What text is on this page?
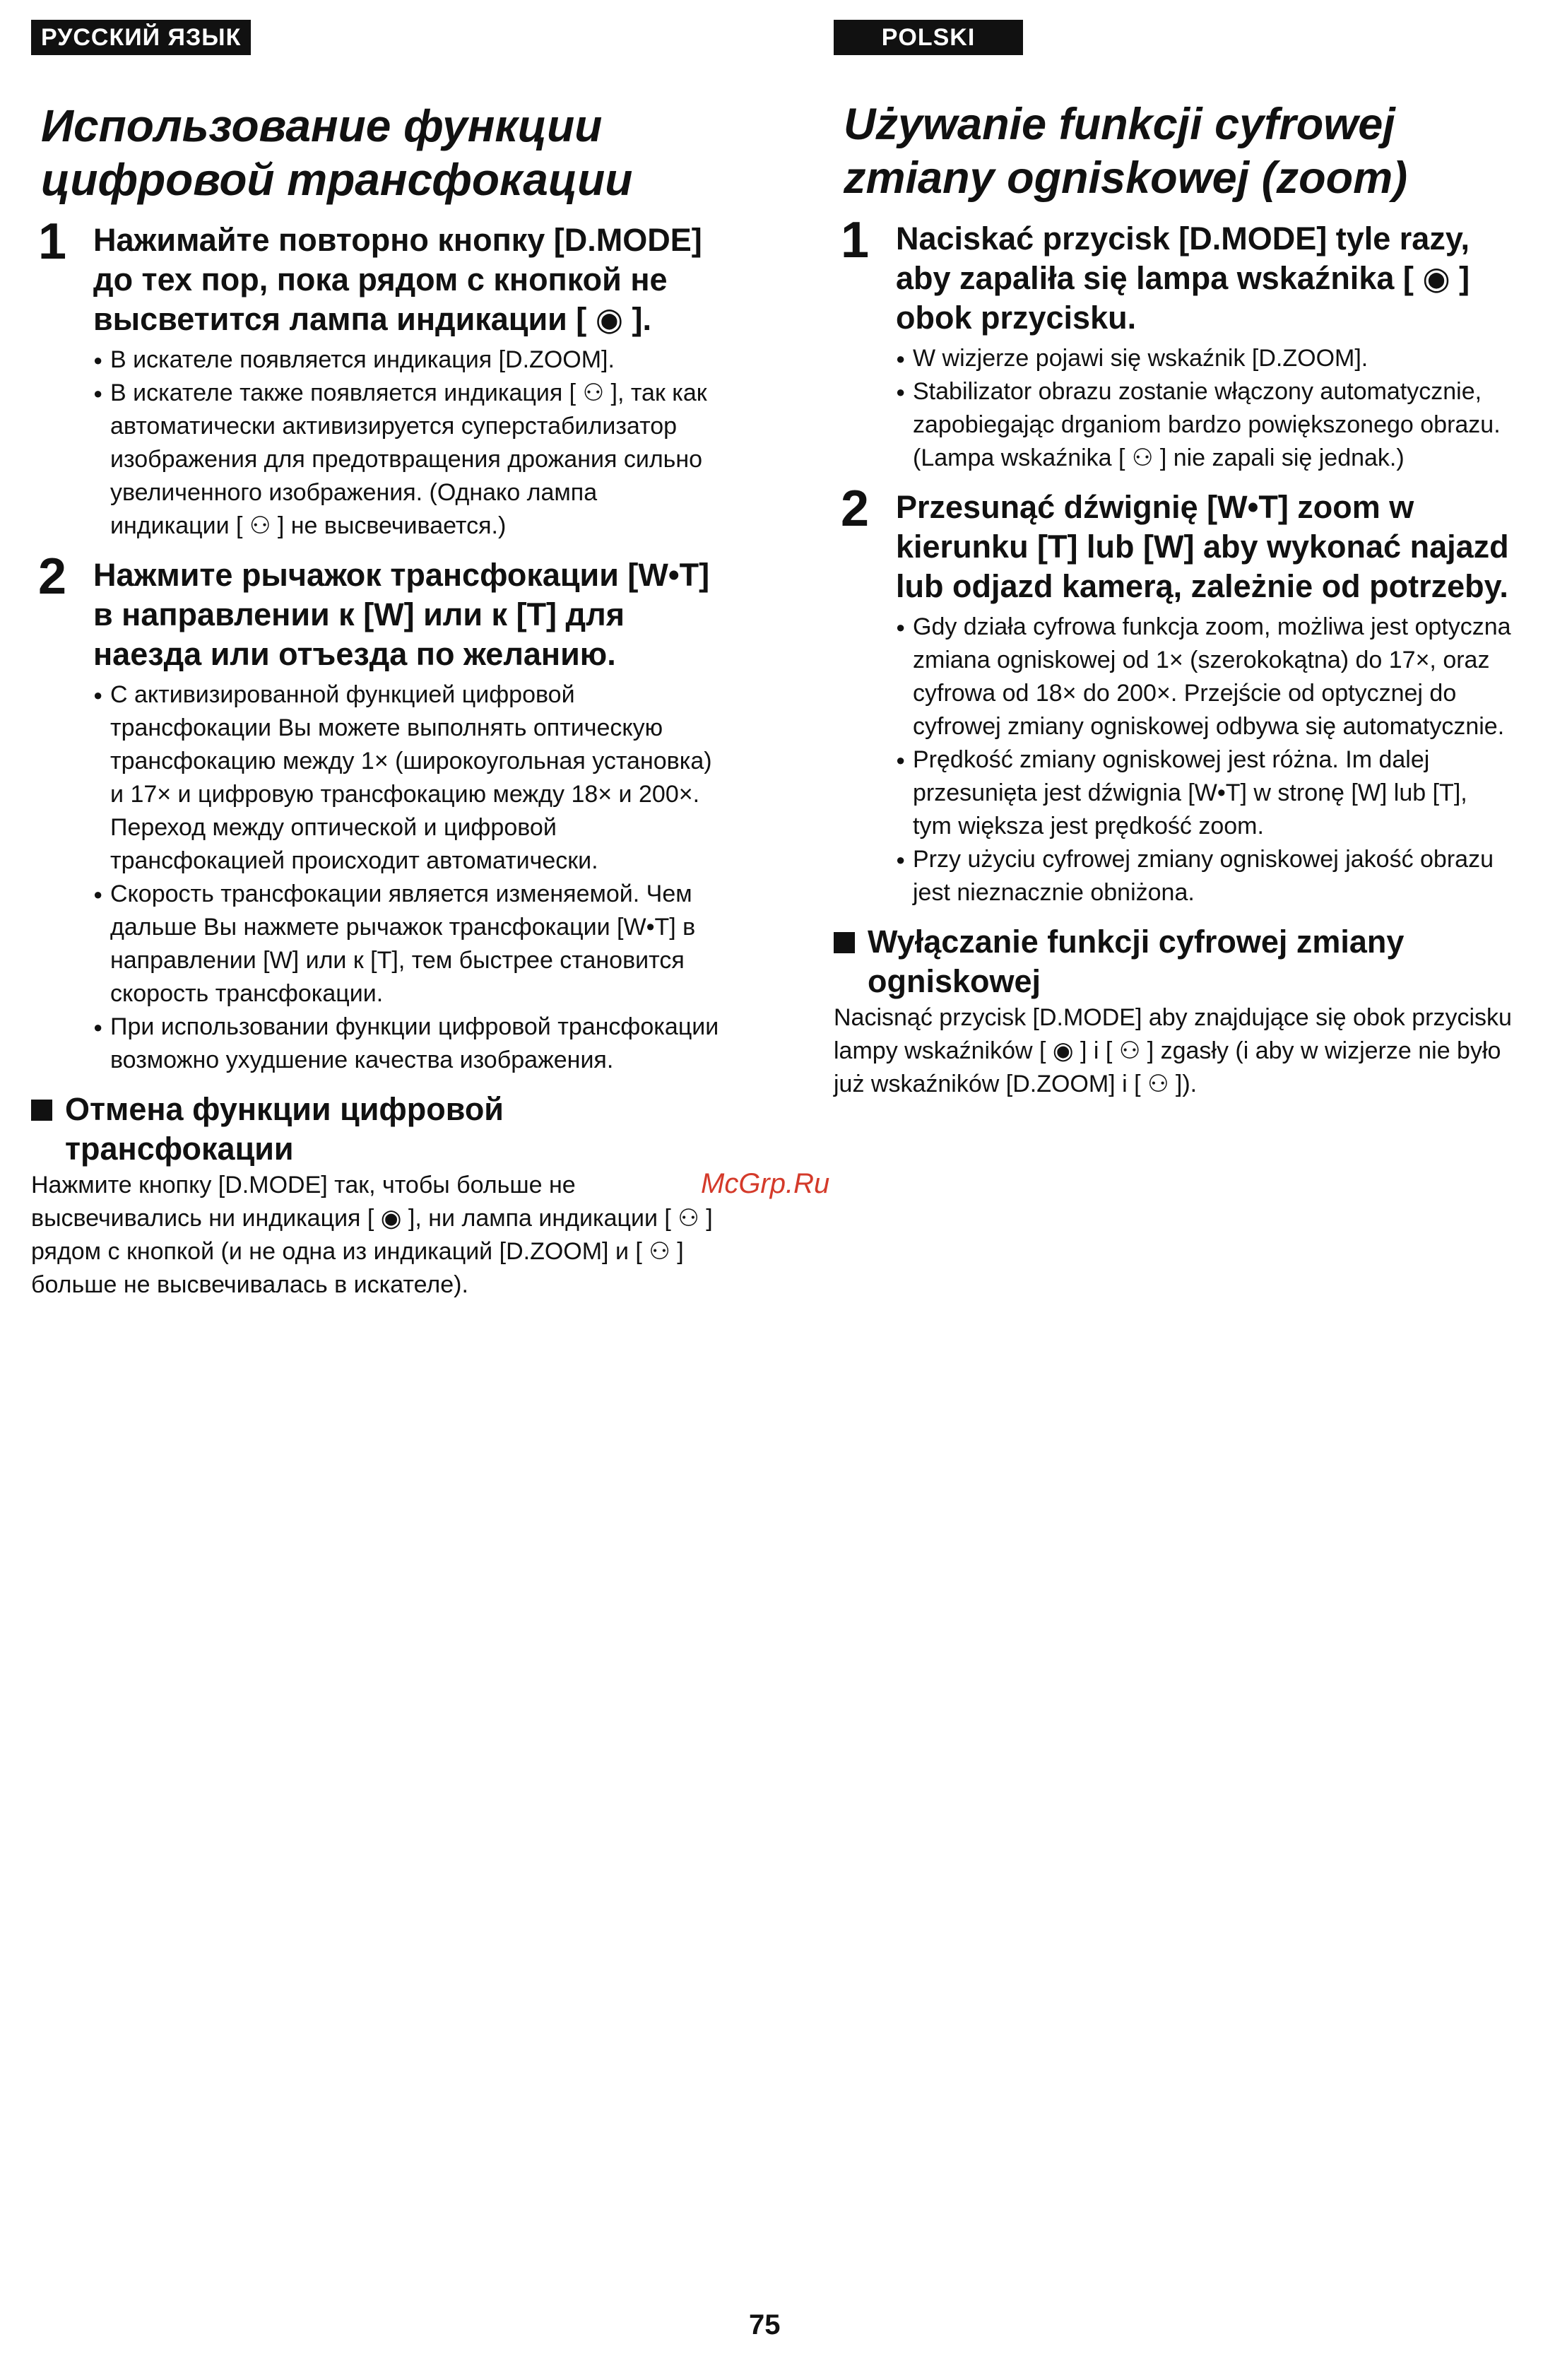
РУССКИЙ ЯЗЫК
Использование функции цифровой трансфокации
1 Нажимайте повторно кнопку [D.MODE] до тех пор, пока рядом с кнопкой не высветится лампа индикации [ ◉ ].
● В искателе появляется индикация [D.ZOOM].
● В искателе также появляется индикация [ ⚇ ], так как автоматически активизируется суперстабилизатор изображения для предотвращения дрожания сильно увеличенного изображения. (Однако лампа индикации [ ⚇ ] не высвечивается.)
2 Нажмите рычажок трансфокации [W•T] в направлении к [W] или к [T] для наезда или отъезда по желанию.
● С активизированной функцией цифровой трансфокации Вы можете выполнять оптическую трансфокацию между 1× (широкоугольная установка) и 17× и цифровую трансфокацию между 18× и 200×. Переход между оптической и цифровой трансфокацией происходит автоматически.
● Скорость трансфокации является изменяемой. Чем дальше Вы нажмете рычажок трансфокации [W•T] в направлении [W] или к [T], тем быстрее становится скорость трансфокации.
● При использовании функции цифровой трансфокации возможно ухудшение качества изображения.
Отмена функции цифровой трансфокации
Нажмите кнопку [D.MODE] так, чтобы больше не высвечивались ни индикация [ ◉ ], ни лампа индикации [ ⚇ ] рядом с кнопкой (и не одна из индикаций [D.ZOOM] и [ ⚇ ] больше не высвечивалась в искателе).
POLSKI
Używanie funkcji cyfrowej zmiany ogniskowej (zoom)
1 Naciskać przycisk [D.MODE] tyle razy, aby zapaliła się lampa wskaźnika [ ◉ ] obok przycisku.
● W wizjerze pojawi się wskaźnik [D.ZOOM].
● Stabilizator obrazu zostanie włączony automatycznie, zapobiegając drganiom bardzo powiększonego obrazu. (Lampa wskaźnika [ ⚇ ] nie zapali się jednak.)
2 Przesunąć dźwignię [W•T] zoom w kierunku [T] lub [W] aby wykonać najazd lub odjazd kamerą, zależnie od potrzeby.
● Gdy działa cyfrowa funkcja zoom, możliwa jest optyczna zmiana ogniskowej od 1× (szerokokątna) do 17×, oraz cyfrowa od 18× do 200×. Przejście od optycznej do cyfrowej zmiany ogniskowej odbywa się automatycznie.
● Prędkość zmiany ogniskowej jest różna. Im dalej przesunięta jest dźwignia [W•T] w stronę [W] lub [T], tym większa jest prędkość zoom.
● Przy użyciu cyfrowej zmiany ogniskowej jakość obrazu jest nieznacznie obniżona.
Wyłączanie funkcji cyfrowej zmiany ogniskowej
Nacisnąć przycisk [D.MODE] aby znajdujące się obok przycisku lampy wskaźników [ ◉ ] i [ ⚇ ] zgasły (i aby w wizjerze nie było już wskaźników [D.ZOOM] i [ ⚇ ]).
McGrp.Ru
75
